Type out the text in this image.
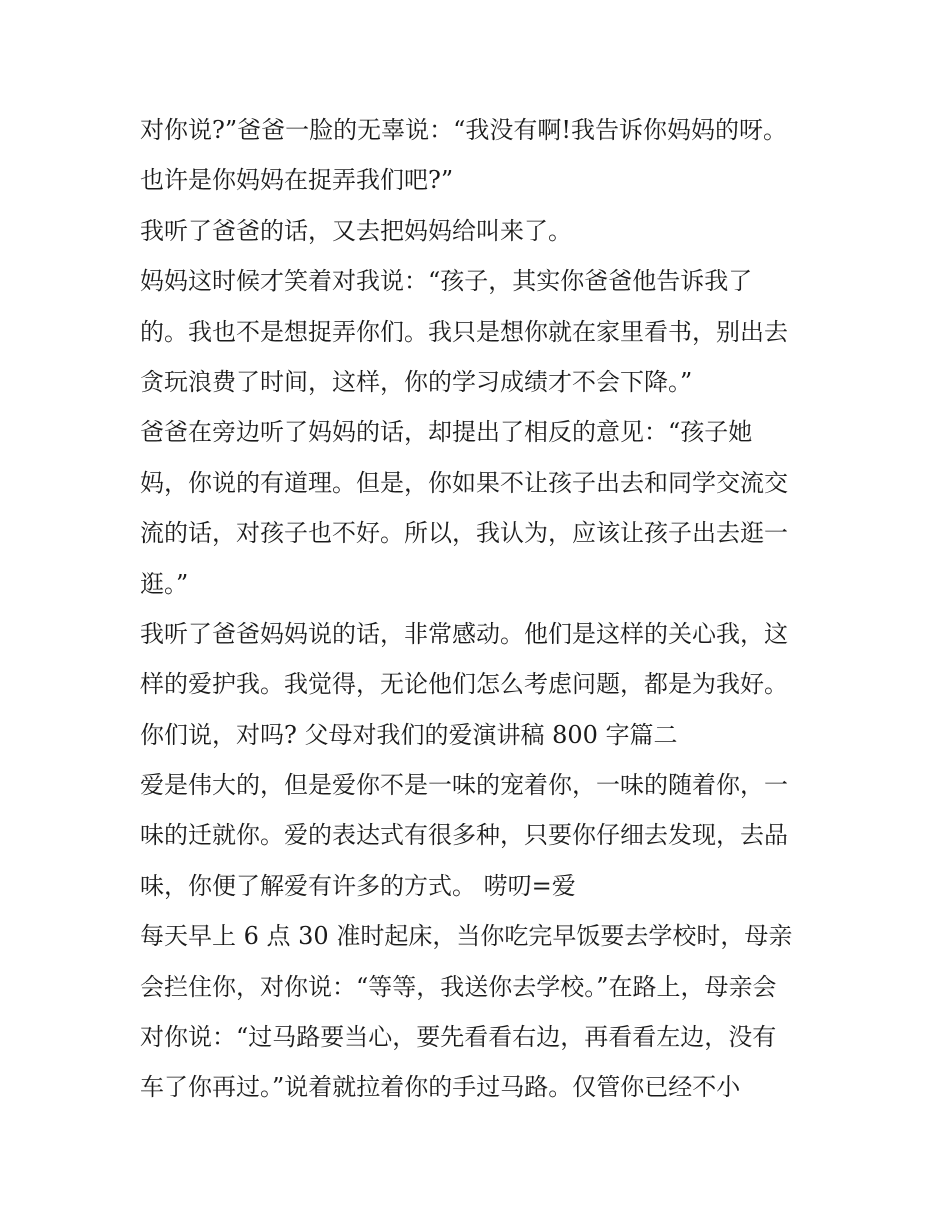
对你说?”爸爸一脸的无辜说：“我没有啊!我告诉你妈妈的呀。
也许是你妈妈在捉弄我们吧?”
我听了爸爸的话，又去把妈妈给叫来了。
妈妈这时候才笑着对我说：“孩子，其实你爸爸他告诉我了
的。我也不是想捉弄你们。我只是想你就在家里看书，别出去
贪玩浪费了时间，这样，你的学习成绩才不会下降。”
爸爸在旁边听了妈妈的话，却提出了相反的意见：“孩子她
妈，你说的有道理。但是，你如果不让孩子出去和同学交流交
流的话，对孩子也不好。所以，我认为，应该让孩子出去逛一
逛。”
我听了爸爸妈妈说的话，非常感动。他们是这样的关心我，这
样的爱护我。我觉得，无论他们怎么考虑问题，都是为我好。
你们说，对吗? 父母对我们的爱演讲稿 800 字篇二
爱是伟大的，但是爱你不是一味的宠着你，一味的随着你，一
味的迁就你。爱的表达式有很多种，只要你仔细去发现，去品
味，你便了解爱有许多的方式。 唠叨=爱
每天早上 6 点 30 准时起床，当你吃完早饭要去学校时，母亲
会拦住你，对你说：“等等，我送你去学校。”在路上，母亲会
对你说：“过马路要当心，要先看看右边，再看看左边，没有
车了你再过。”说着就拉着你的手过马路。仅管你已经不小
